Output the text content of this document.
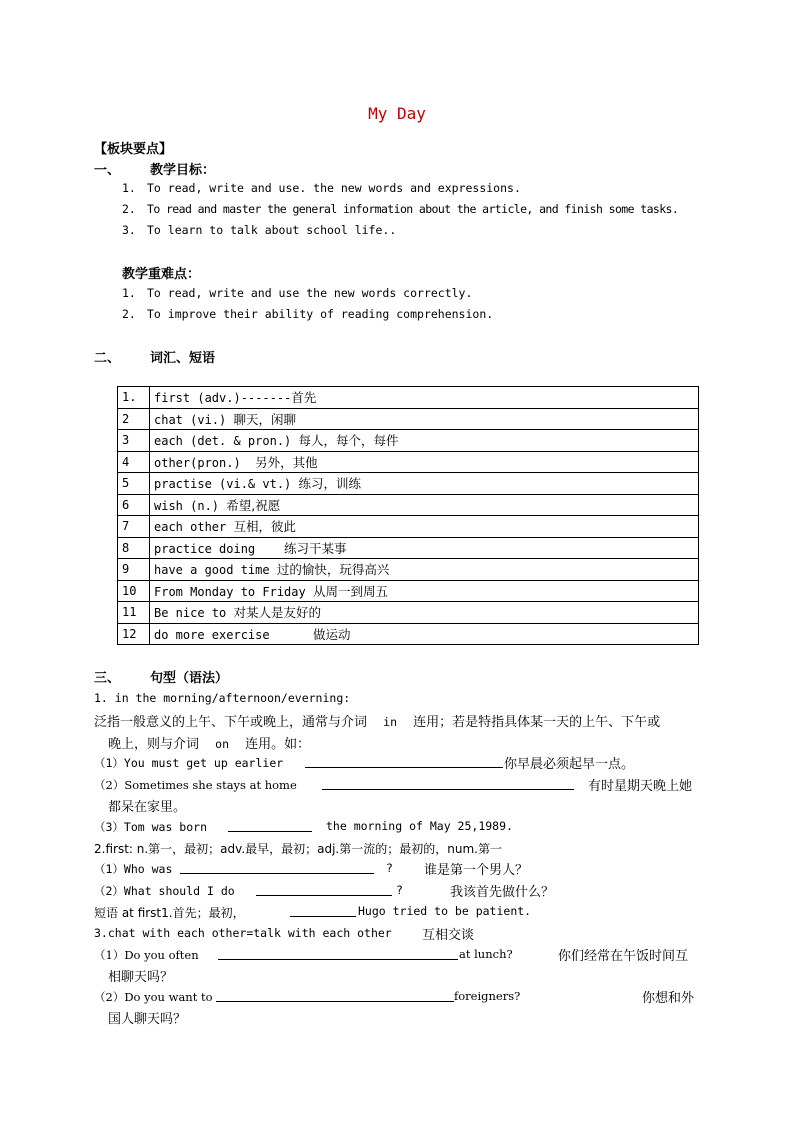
My Day
【板块要点】
一、 教学目标：
1. To read, write and use. the new words and expressions.
2. To read and master the general information about the article, and finish some tasks.
3. To learn to talk about school life..
教学重难点：
1. To read, write and use the new words correctly.
2. To improve their ability of reading comprehension.
二、 词汇、短语
1.	first (adv.)-------首先
2	chat (vi.) 聊天，闲聊
3	each (det. & pron.) 每人，每个，每件
4	other(pron.)  另外，其他
5	practise (vi.& vt.) 练习，训练
6	wish (n.) 希望,祝愿
7	each other 互相，彼此
8	practice doing    练习干某事
9	have a good time 过的愉快，玩得高兴
10	From Monday to Friday 从周一到周五
11	Be nice to 对某人是友好的
12	do more exercise      做运动
三、 句型（语法）
1. in the morning/afternoon/everning:
泛指一般意义的上午、下午或晚上，通常与介词 in 连用；若是特指具体某一天的上午、下午或
晚上，则与介词 on 连用。如：
（1）You must get up earlier	你早晨必须起早一点。
（2）Sometimes she stays at home	有时星期天晚上她
都呆在家里。
（3）Tom was born	the morning of May 25,1989.
2.first: n.第一，最初；adv.最早，最初；adj.第一流的；最初的，num.第一
（1）Who was	? 谁是第一个男人？
（2）What should I do	?	我该首先做什么？
短语 at first1.首先；最初，	Hugo tried to be patient.
3.chat with each other=talk with each other 互相交谈
（1）Do you often	at lunch?	你们经常在午饭时间互
相聊天吗？
（2）Do you want to	foreigners?	你想和外
国人聊天吗？
